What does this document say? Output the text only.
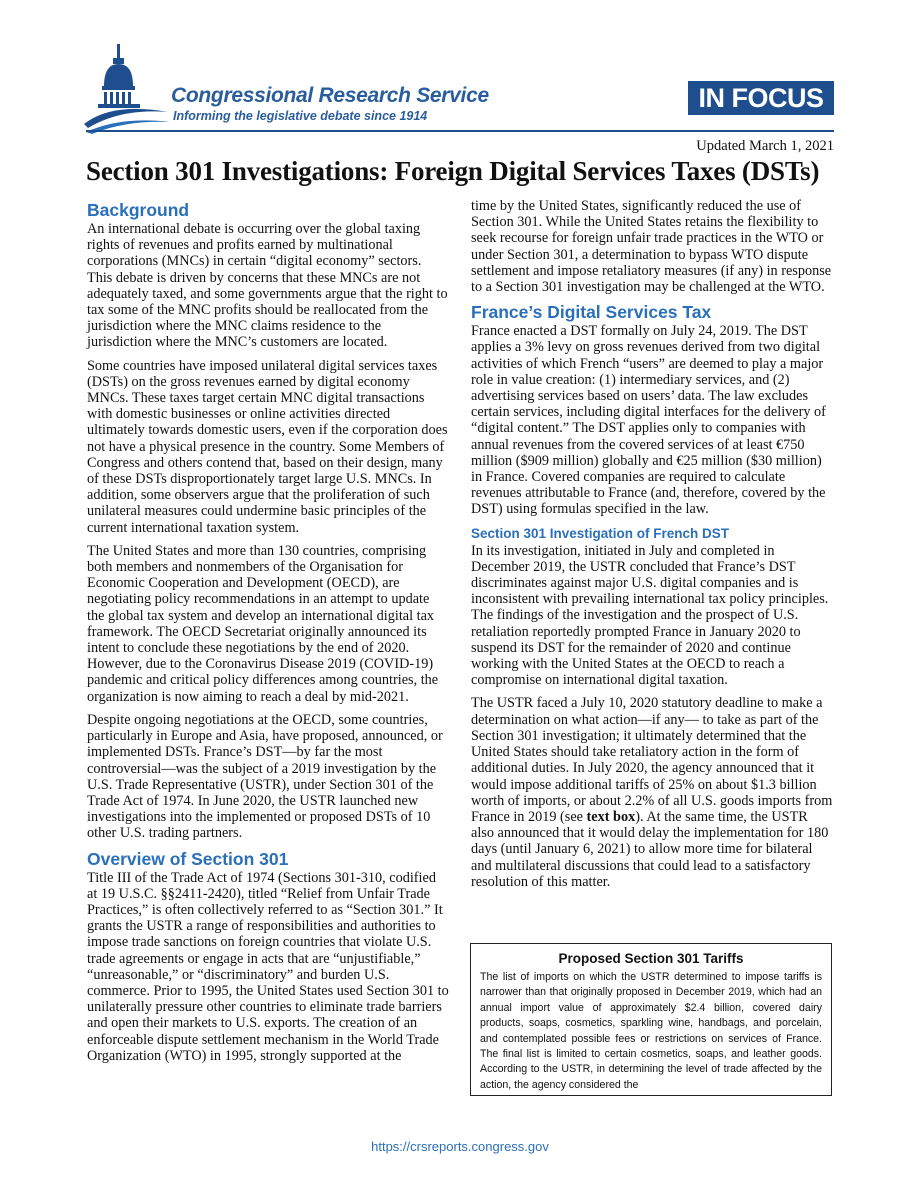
Congressional Research Service
Informing the legislative debate since 1914
IN FOCUS
Updated March 1, 2021
Section 301 Investigations: Foreign Digital Services Taxes (DSTs)
Background

An international debate is occurring over the global taxing rights of revenues and profits earned by multinational corporations (MNCs) in certain “digital economy” sectors. This debate is driven by concerns that these MNCs are not adequately taxed, and some governments argue that the right to tax some of the MNC profits should be reallocated from the jurisdiction where the MNC claims residence to the jurisdiction where the MNC’s customers are located.

Some countries have imposed unilateral digital services taxes (DSTs) on the gross revenues earned by digital economy MNCs. These taxes target certain MNC digital transactions with domestic businesses or online activities directed ultimately towards domestic users, even if the corporation does not have a physical presence in the country. Some Members of Congress and others contend that, based on their design, many of these DSTs disproportionately target large U.S. MNCs. In addition, some observers argue that the proliferation of such unilateral measures could undermine basic principles of the current international taxation system.

The United States and more than 130 countries, comprising both members and nonmembers of the Organisation for Economic Cooperation and Development (OECD), are negotiating policy recommendations in an attempt to update the global tax system and develop an international digital tax framework. The OECD Secretariat originally announced its intent to conclude these negotiations by the end of 2020. However, due to the Coronavirus Disease 2019 (COVID-19) pandemic and critical policy differences among countries, the organization is now aiming to reach a deal by mid-2021.

Despite ongoing negotiations at the OECD, some countries, particularly in Europe and Asia, have proposed, announced, or implemented DSTs. France’s DST—by far the most controversial—was the subject of a 2019 investigation by the U.S. Trade Representative (USTR), under Section 301 of the Trade Act of 1974. In June 2020, the USTR launched new investigations into the implemented or proposed DSTs of 10 other U.S. trading partners.

Overview of Section 301

Title III of the Trade Act of 1974 (Sections 301-310, codified at 19 U.S.C. §§2411-2420), titled “Relief from Unfair Trade Practices,” is often collectively referred to as “Section 301.” It grants the USTR a range of responsibilities and authorities to impose trade sanctions on foreign countries that violate U.S. trade agreements or engage in acts that are “unjustifiable,” “unreasonable,” or “discriminatory” and burden U.S. commerce. Prior to 1995, the United States used Section 301 to unilaterally pressure other countries to eliminate trade barriers and open their markets to U.S. exports. The creation of an enforceable dispute settlement mechanism in the World Trade Organization (WTO) in 1995, strongly supported at the

time by the United States, significantly reduced the use of Section 301. While the United States retains the flexibility to seek recourse for foreign unfair trade practices in the WTO or under Section 301, a determination to bypass WTO dispute settlement and impose retaliatory measures (if any) in response to a Section 301 investigation may be challenged at the WTO.

France’s Digital Services Tax

France enacted a DST formally on July 24, 2019. The DST applies a 3% levy on gross revenues derived from two digital activities of which French “users” are deemed to play a major role in value creation: (1) intermediary services, and (2) advertising services based on users’ data. The law excludes certain services, including digital interfaces for the delivery of “digital content.” The DST applies only to companies with annual revenues from the covered services of at least €750 million ($909 million) globally and €25 million ($30 million) in France. Covered companies are required to calculate revenues attributable to France (and, therefore, covered by the DST) using formulas specified in the law.

Section 301 Investigation of French DST

In its investigation, initiated in July and completed in December 2019, the USTR concluded that France’s DST discriminates against major U.S. digital companies and is inconsistent with prevailing international tax policy principles. The findings of the investigation and the prospect of U.S. retaliation reportedly prompted France in January 2020 to suspend its DST for the remainder of 2020 and continue working with the United States at the OECD to reach a compromise on international digital taxation.

The USTR faced a July 10, 2020 statutory deadline to make a determination on what action—if any— to take as part of the Section 301 investigation; it ultimately determined that the United States should take retaliatory action in the form of additional duties. In July 2020, the agency announced that it would impose additional tariffs of 25% on about $1.3 billion worth of imports, or about 2.2% of all U.S. goods imports from France in 2019 (see text box). At the same time, the USTR also announced that it would delay the implementation for 180 days (until January 6, 2021) to allow more time for bilateral and multilateral discussions that could lead to a satisfactory resolution of this matter.

Proposed Section 301 Tariffs
The list of imports on which the USTR determined to impose tariffs is narrower than that originally proposed in December 2019, which had an annual import value of approximately $2.4 billion, covered dairy products, soaps, cosmetics, sparkling wine, handbags, and porcelain, and contemplated possible fees or restrictions on services of France. The final list is limited to certain cosmetics, soaps, and leather goods. According to the USTR, in determining the level of trade affected by the action, the agency considered the
https://crsreports.congress.gov
